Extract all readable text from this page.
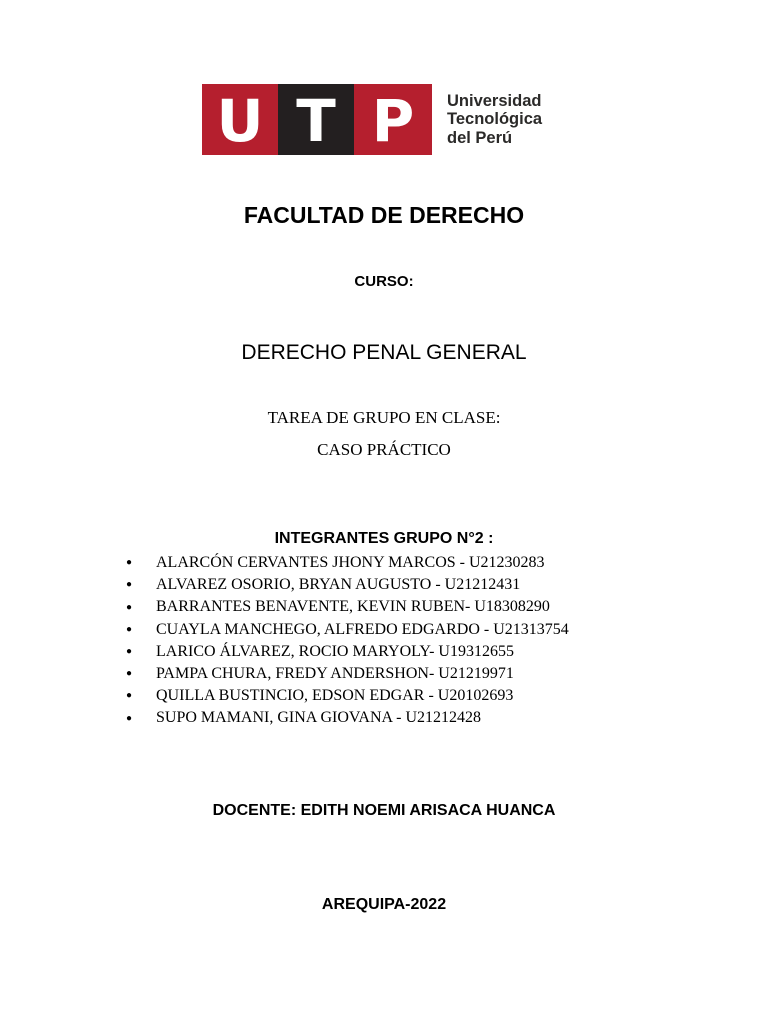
U T P	Universidad
Tecnológica
del Perú
FACULTAD DE DERECHO
CURSO:
DERECHO PENAL GENERAL
TAREA DE GRUPO EN CLASE:
CASO PRÁCTICO
INTEGRANTES GRUPO N°2 :
●	ALARCÓN CERVANTES JHONY MARCOS - U21230283
●	ALVAREZ OSORIO, BRYAN AUGUSTO - U21212431
●	BARRANTES BENAVENTE, KEVIN RUBEN- U18308290
●	CUAYLA MANCHEGO, ALFREDO EDGARDO - U21313754
●	LARICO ÁLVAREZ, ROCIO MARYOLY- U19312655
●	PAMPA CHURA, FREDY ANDERSHON- U21219971
●	QUILLA BUSTINCIO, EDSON EDGAR - U20102693
●	SUPO MAMANI, GINA GIOVANA - U21212428
DOCENTE: EDITH NOEMI ARISACA HUANCA
AREQUIPA-2022
